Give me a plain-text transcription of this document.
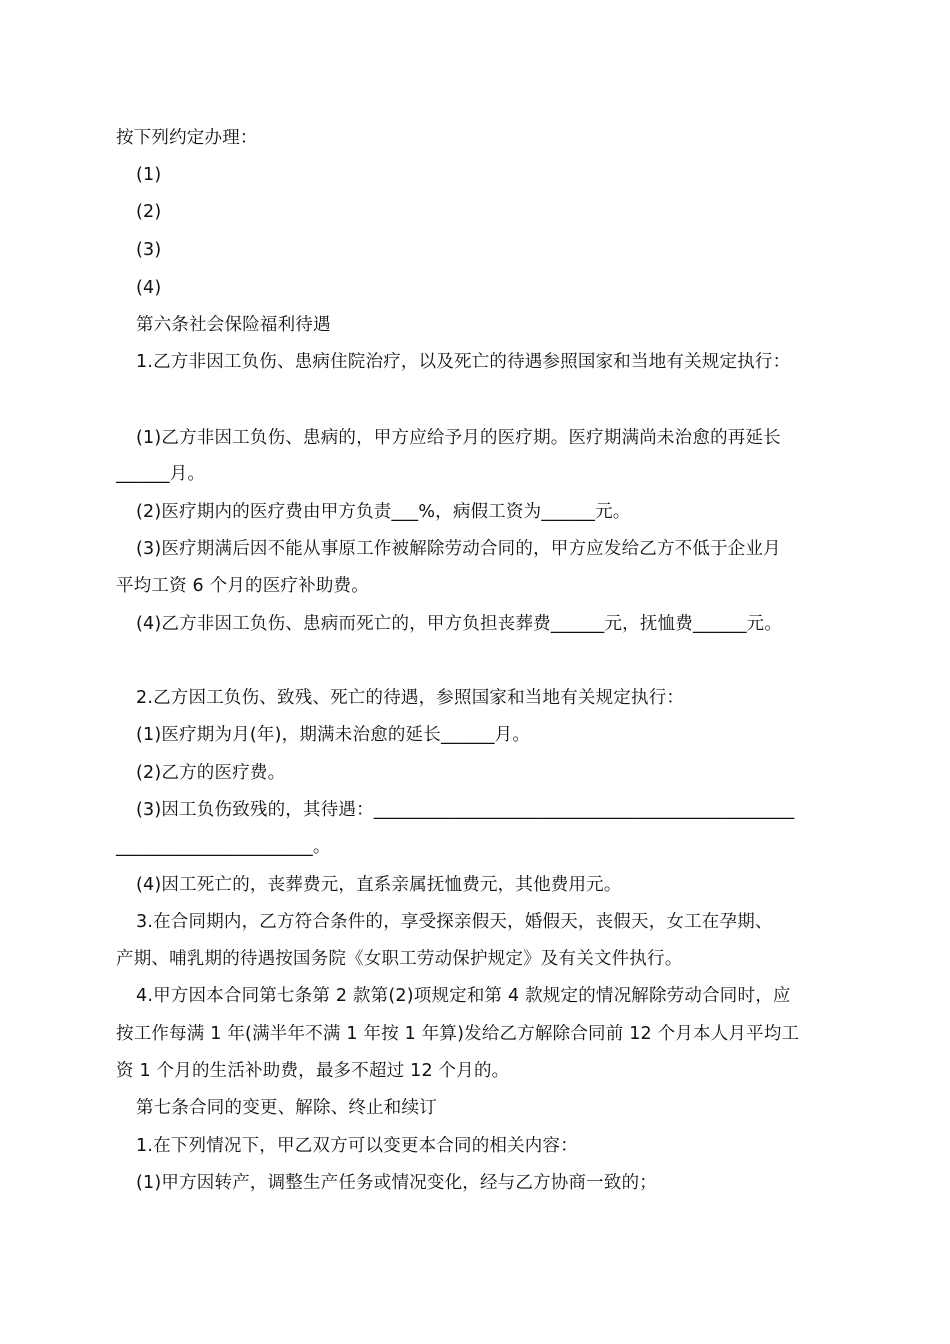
按下列约定办理：
(1)
(2)
(3)
(4)
第六条社会保险福利待遇
1.乙方非因工负伤、患病住院治疗，以及死亡的待遇参照国家和当地有关规定执行：
(1)乙方非因工负伤、患病的，甲方应给予月的医疗期。医疗期满尚未治愈的再延长
______月。
(2)医疗期内的医疗费由甲方负责___%，病假工资为______元。
(3)医疗期满后因不能从事原工作被解除劳动合同的，甲方应发给乙方不低于企业月
平均工资 6 个月的医疗补助费。
(4)乙方非因工负伤、患病而死亡的，甲方负担丧葬费______元，抚恤费______元。
2.乙方因工负伤、致残、死亡的待遇，参照国家和当地有关规定执行：
(1)医疗期为月(年)，期满未治愈的延长______月。
(2)乙方的医疗费。
(3)因工负伤致残的，其待遇：_______________________________________________
______________________。
(4)因工死亡的，丧葬费元，直系亲属抚恤费元，其他费用元。
3.在合同期内，乙方符合条件的，享受探亲假天，婚假天，丧假天，女工在孕期、
产期、哺乳期的待遇按国务院《女职工劳动保护规定》及有关文件执行。
4.甲方因本合同第七条第 2 款第(2)项规定和第 4 款规定的情况解除劳动合同时，应
按工作每满 1 年(满半年不满 1 年按 1 年算)发给乙方解除合同前 12 个月本人月平均工
资 1 个月的生活补助费，最多不超过 12 个月的。
第七条合同的变更、解除、终止和续订
1.在下列情况下，甲乙双方可以变更本合同的相关内容：
(1)甲方因转产，调整生产任务或情况变化，经与乙方协商一致的；
